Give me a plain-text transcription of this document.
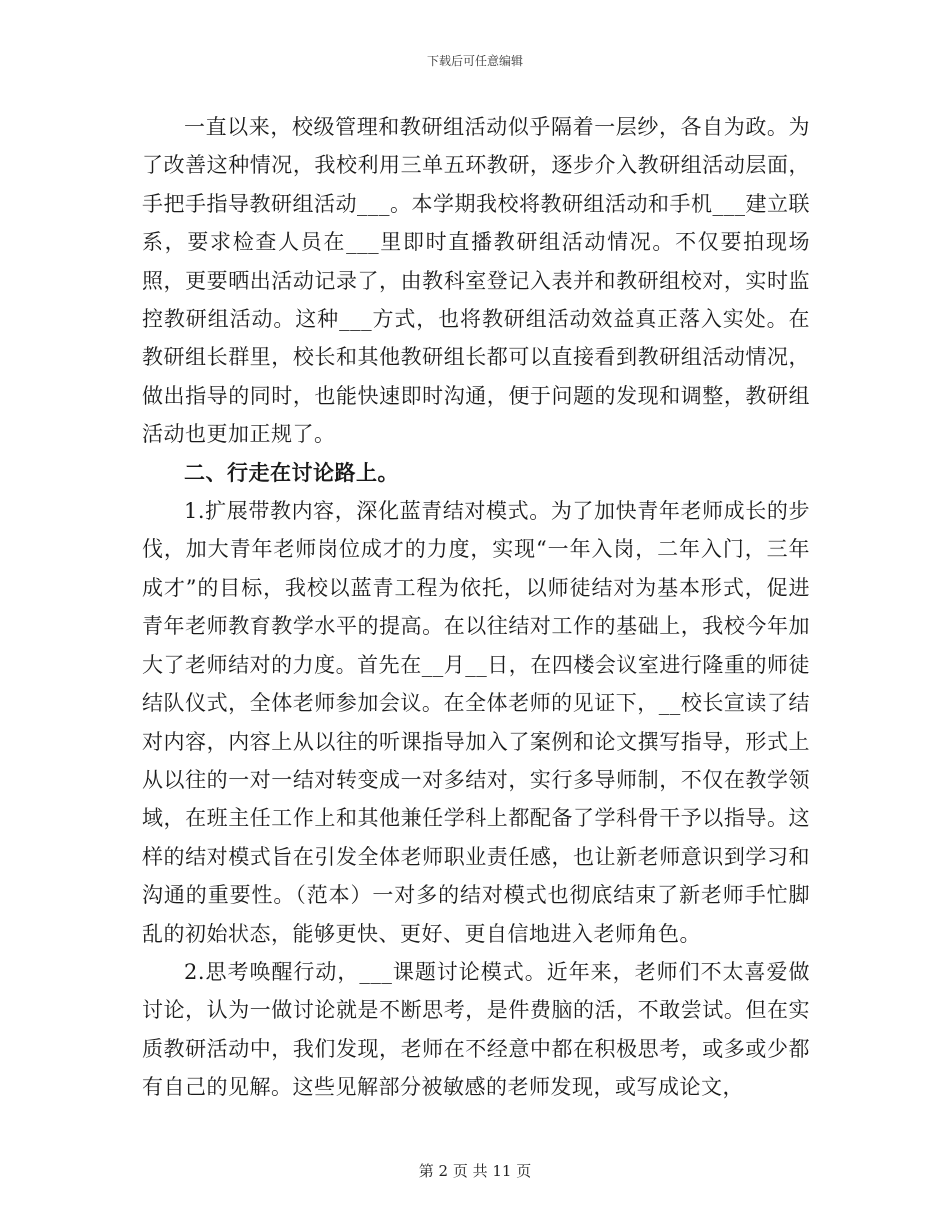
下载后可任意编辑

一直以来，校级管理和教研组活动似乎隔着一层纱，各自为政。为了改善这种情况，我校利用三单五环教研，逐步介入教研组活动层面，手把手指导教研组活动___。本学期我校将教研组活动和手机___建立联系，要求检查人员在___里即时直播教研组活动情况。不仅要拍现场照，更要晒出活动记录了，由教科室登记入表并和教研组校对，实时监控教研组活动。这种___方式，也将教研组活动效益真正落入实处。在教研组长群里，校长和其他教研组长都可以直接看到教研组活动情况，做出指导的同时，也能快速即时沟通，便于问题的发现和调整，教研组活动也更加正规了。

二、行走在讨论路上。

1.扩展带教内容，深化蓝青结对模式。为了加快青年老师成长的步伐，加大青年老师岗位成才的力度，实现“一年入岗，二年入门，三年成才”的目标，我校以蓝青工程为依托，以师徒结对为基本形式，促进青年老师教育教学水平的提高。在以往结对工作的基础上，我校今年加大了老师结对的力度。首先在__月__日，在四楼会议室进行隆重的师徒结队仪式，全体老师参加会议。在全体老师的见证下，__校长宣读了结对内容，内容上从以往的听课指导加入了案例和论文撰写指导，形式上从以往的一对一结对转变成一对多结对，实行多导师制，不仅在教学领域，在班主任工作上和其他兼任学科上都配备了学科骨干予以指导。这样的结对模式旨在引发全体老师职业责任感，也让新老师意识到学习和沟通的重要性。（范本）一对多的结对模式也彻底结束了新老师手忙脚乱的初始状态，能够更快、更好、更自信地进入老师角色。

2.思考唤醒行动，___课题讨论模式。近年来，老师们不太喜爱做讨论，认为一做讨论就是不断思考，是件费脑的活，不敢尝试。但在实质教研活动中，我们发现，老师在不经意中都在积极思考，或多或少都有自己的见解。这些见解部分被敏感的老师发现，或写成论文，

第 2 页 共 11 页
